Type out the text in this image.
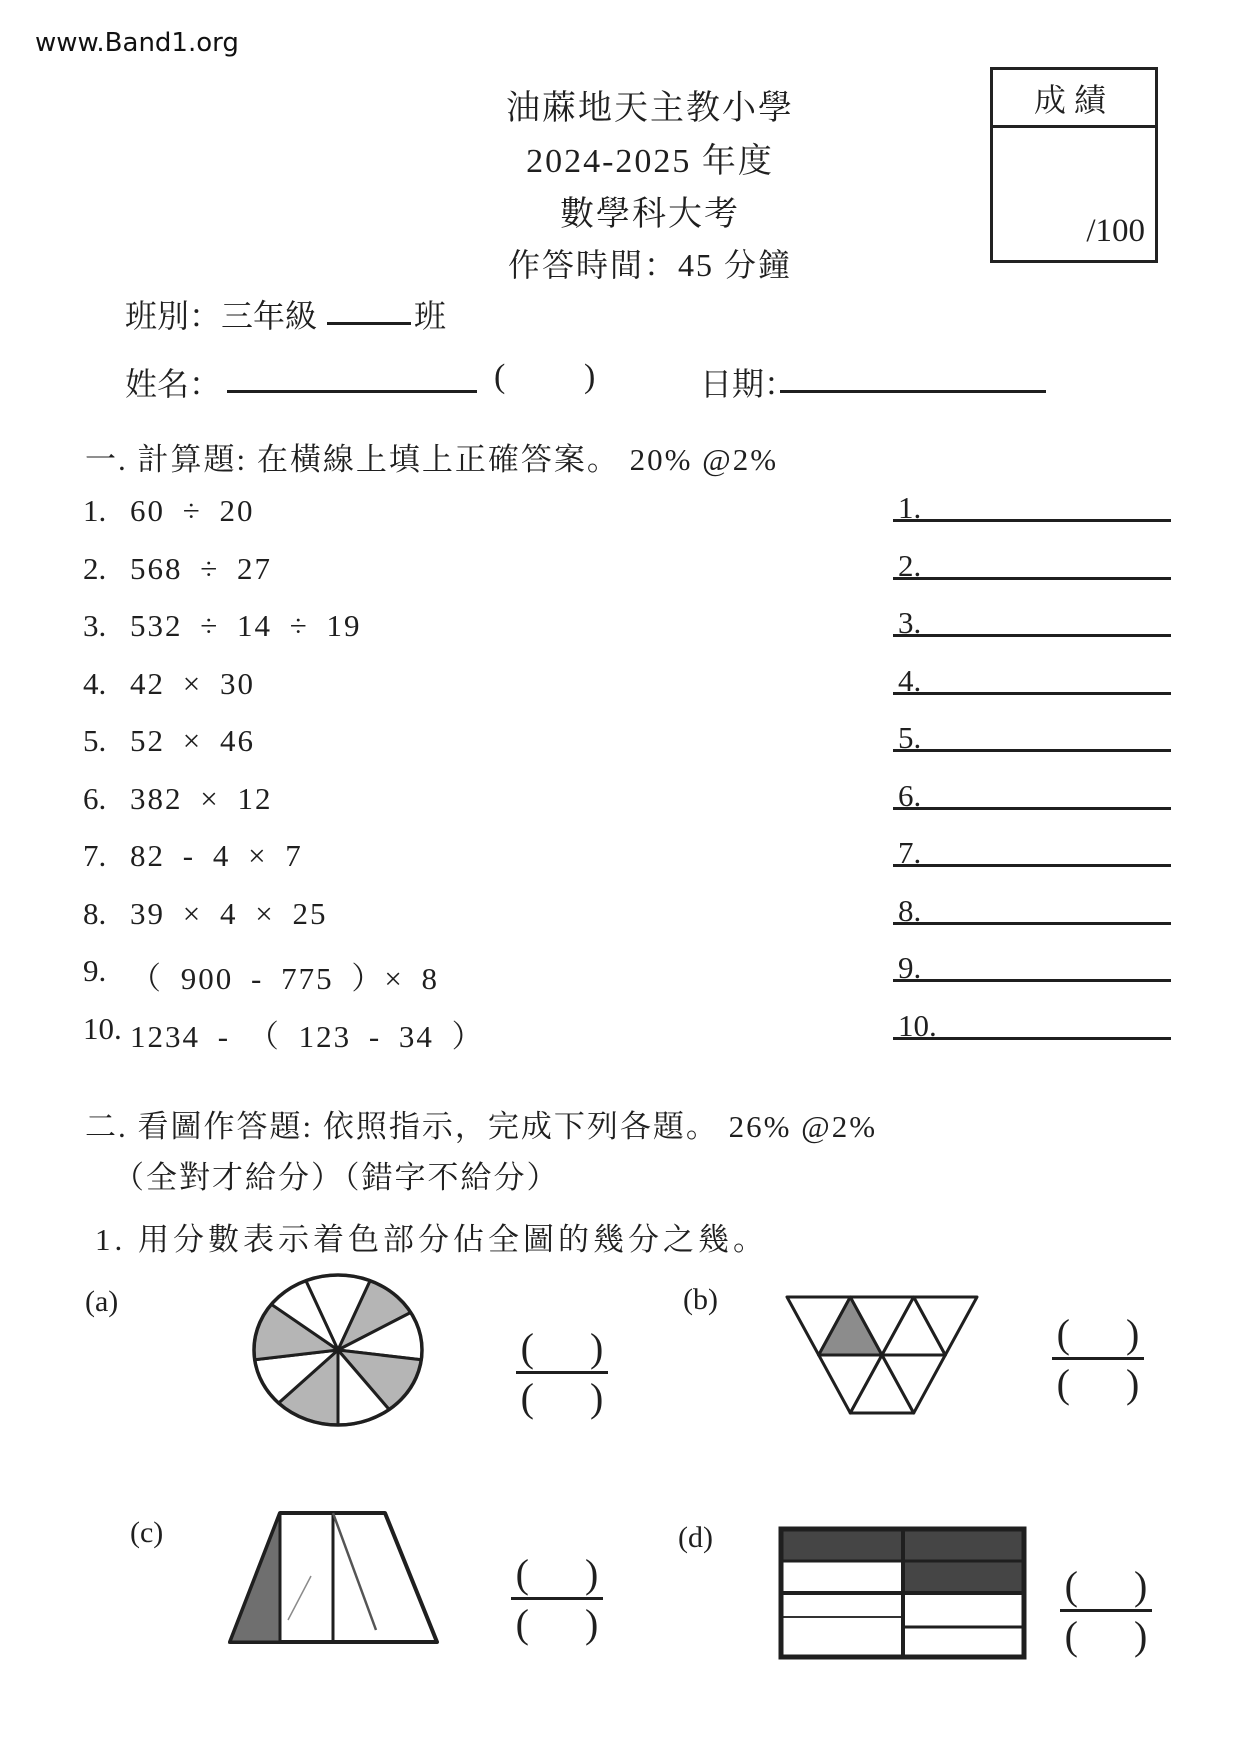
www.Band1.org
油蔴地天主教小學
2024-2025 年度
數學科大考
作答時間：45 分鐘
成績
/100
班別：三年級	班
姓名：	( )	日期：
一. 計算題: 在橫線上填上正確答案。 20% @2%
1. 60 ÷ 20	1.
2. 568 ÷ 27	2.
3. 532 ÷ 14 ÷ 19	3.
4. 42 × 30	4.
5. 52 × 46	5.
6. 382 × 12	6.
7. 82 - 4 × 7	7.
8. 39 × 4 × 25	8.
9. （ 900 - 775 ）× 8	9.
10. 1234 - （ 123 - 34 ）	10.
二. 看圖作答題: 依照指示，完成下列各題。 26% @2%
（全對才給分）（錯字不給分）
1. 用分數表示着色部分佔全圖的幾分之幾。
(a)	(b)
(c)	(d)
( )
( )
( )
( )
( )
( )
( )
( )
